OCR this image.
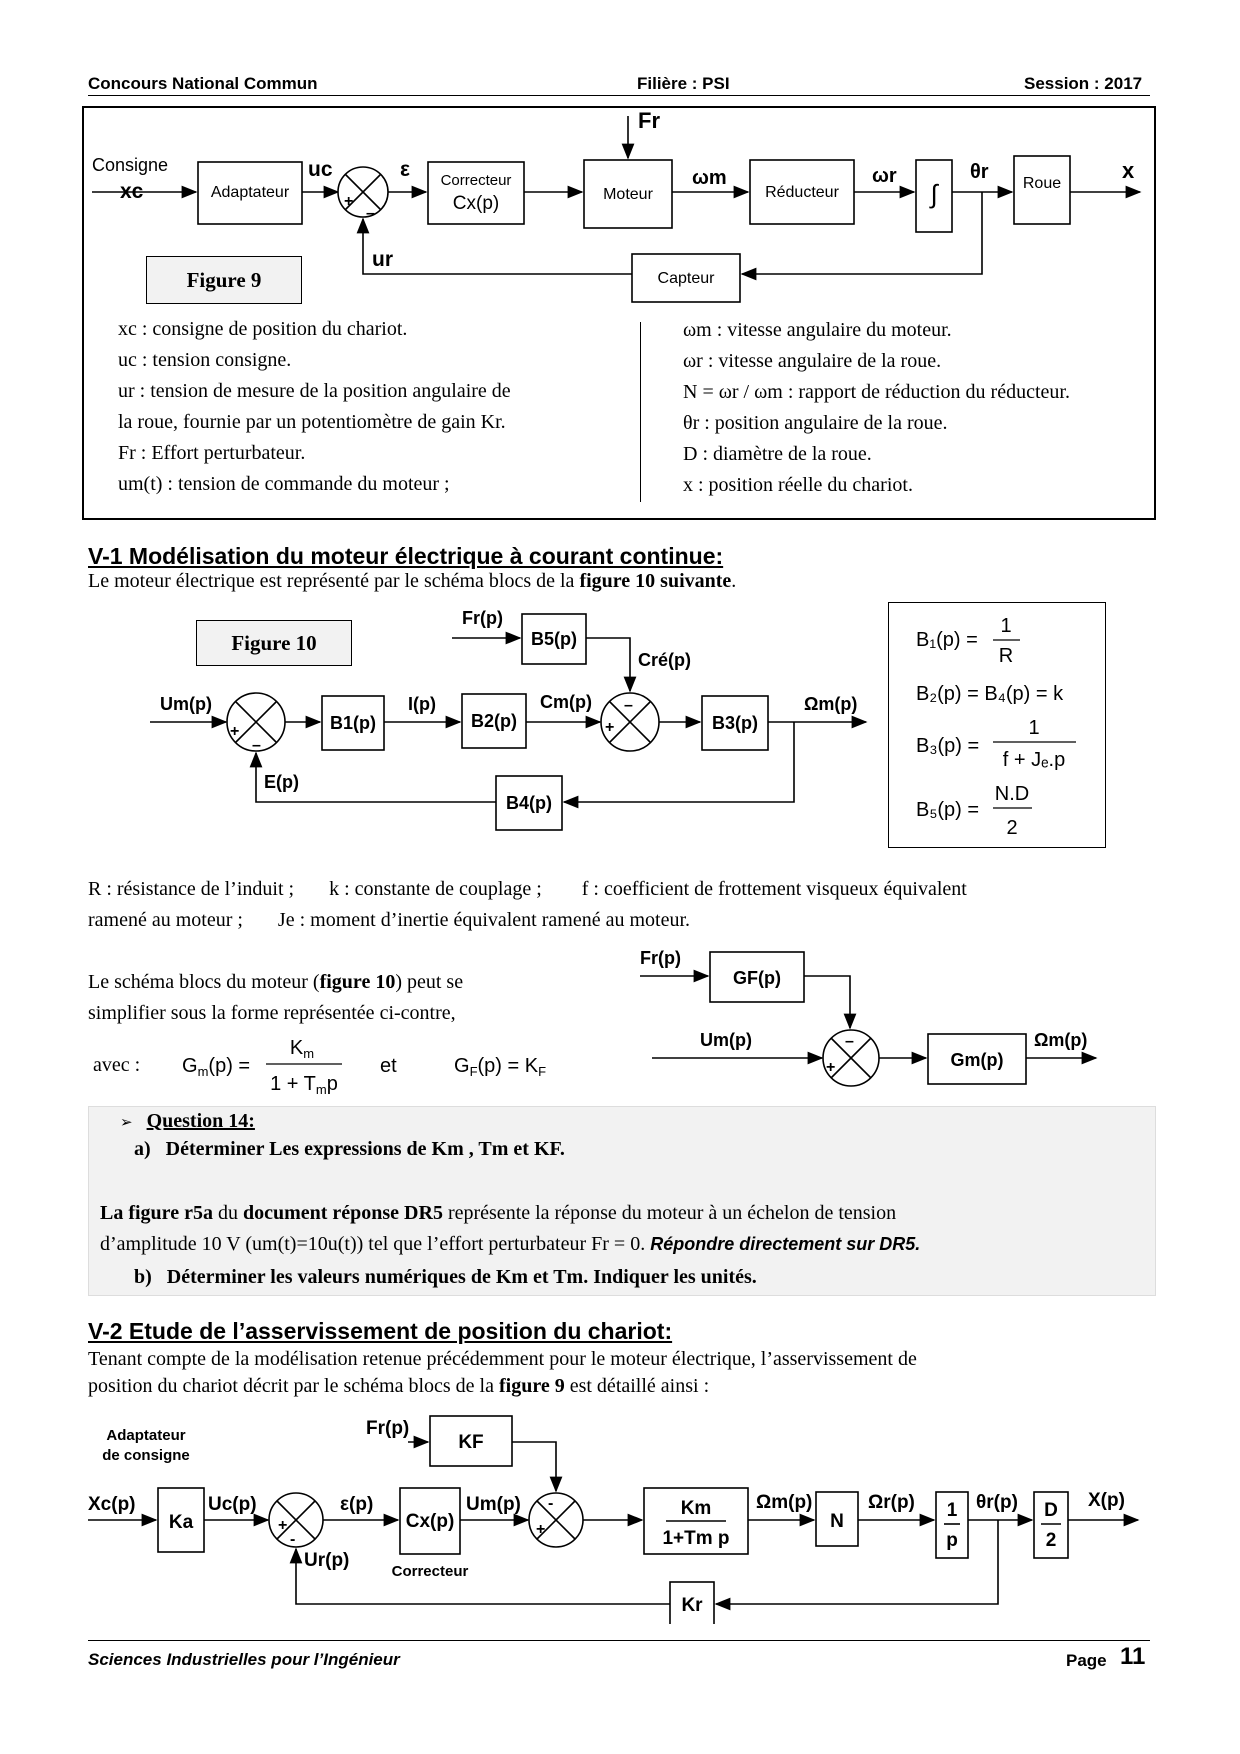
Concours National Commun	Filière : PSI	Session : 2017
Consigne
xc	Adaptateur
uc	ε
+
–
Correcteur
Cx(p)	Moteur
Fr
ωm
Réducteur
ωr
∫
θr
Roue
x
Capteur
ur
Figure 9
xc : consigne de position du chariot.
uc : tension consigne.
ur : tension de mesure de la position angulaire de
la roue, fournie par un potentiomètre de gain Kr.
Fr : Effort perturbateur.
um(t) : tension de commande du moteur ;
ωm : vitesse angulaire du moteur.
ωr : vitesse angulaire de la roue.
N = ωr / ωm : rapport de réduction du réducteur.
θr : position angulaire de la roue.
D : diamètre de la roue.
x : position réelle du chariot.
V-1 Modélisation du moteur électrique à courant continue:
Le moteur électrique est représenté par le schéma blocs de la figure 10 suivante.
Figure 10
Um(p)
B1(p)
I(p)
B2(p)
Cm(p)
B3(p)
Ωm(p)
Fr(p)
B5(p)
Cré(p)
B4(p)
E(p)
+
–
–
+
B₁(p) =
1
R
B₂(p) = B₄(p) = k
B₃(p) =
1
f + Jₑ.p
B₅(p) =
N.D
2
R : résistance de l’induit ;       k : constante de couplage ;        f : coefficient de frottement visqueux équivalent
ramené au moteur ;       Je : moment d’inertie équivalent ramené au moteur.
Le schéma blocs du moteur (figure 10) peut se
simplifier sous la forme représentée ci-contre,
avec : $G_m(p)$ =
$K_m$
$1 + T_mp$
et	$G_F(p) = K_F$
Fr(p)
GF(p)
Um(p)
Gm(p)
Ωm(p)
–
+
➢ Question 14:
a) Déterminer Les expressions de Km , Tm et KF.
La figure r5a du document réponse DR5 représente la réponse du moteur à un échelon de tension
d’amplitude 10 V (um(t)=10u(t)) tel que l’effort perturbateur Fr = 0. Répondre directement sur DR5.
b) Déterminer les valeurs numériques de Km et Tm. Indiquer les unités.
V-2 Etude de l’asservissement de position du chariot:
Tenant compte de la modélisation retenue précédemment pour le moteur électrique, l’asservissement de
position du chariot décrit par le schéma blocs de la figure 9 est détaillé ainsi :
Adaptateur
de consigne
Xc(p)
Ka
Uc(p)	ε(p)
Cx(p)
Correcteur
Um(p)
Fr(p)
KF
Km
1+Tm p
Ωm(p)
N
Ωr(p) 1
p
θr(p) D
2
X(p)
Ur(p)
Kr
+
-
-
+
Sciences Industrielles pour l’Ingénieur	Page 11
